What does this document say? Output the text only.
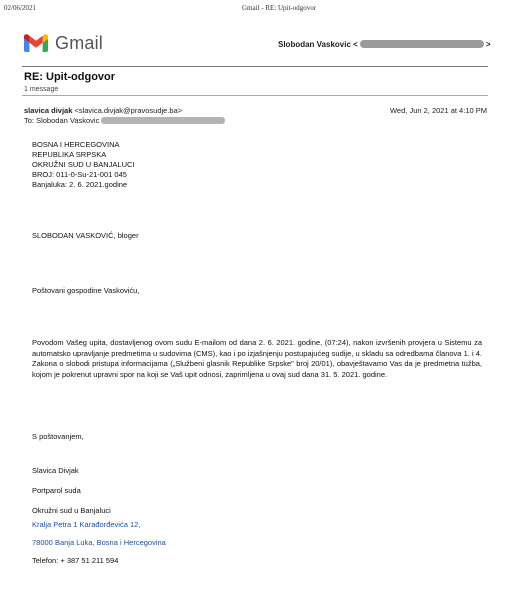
02/06/2021	Gmail - RE: Upit-odgovor
Gmail	Slobodan Vaskovic <	>
RE: Upit-odgovor
1 message
slavica divjak <slavica.divjak@pravosudje.ba>	Wed, Jun 2, 2021 at 4:10 PM
To: Slobodan Vaskovic
BOSNA I HERCEGOVINA
REPUBLIKA SRPSKA
OKRUŽNI SUD U BANJALUCI
BROJ: 011-0-Su-21-001 045
Banjaluka: 2. 6. 2021.godine
SLOBODAN VASKOVIĆ, bloger
Poštovani gospodine Vaskoviću,
Povodom Vašeg upita, dostavljenog ovom sudu E-mailom od dana 2. 6. 2021. godine, (07:24), nakon izvršenih provjera u Sistemu za automatsko upravljanje predmetima u sudovima (CMS), kao i po izjašnjenju postupajućeg sudije, u skladu sa odredbama članova 1. i 4. Zakona o slobodi pristupa informacijama („Službeni glasnik Republike Srpske" broj 20/01), obavještavamo Vas da je predmetna tužba, kojom je pokrenut upravni spor na koji se Vaš upit odnosi, zaprimljena u ovaj sud dana 31. 5. 2021. godine.
S poštovanjem,
Slavica Divjak
Portparol suda
Okružni sud u Banjaluci
Kralja Petra 1 Karađorđevića 12,
78000 Banja Luka, Bosna i Hercegovina
Telefon: + 387 51 211 594
